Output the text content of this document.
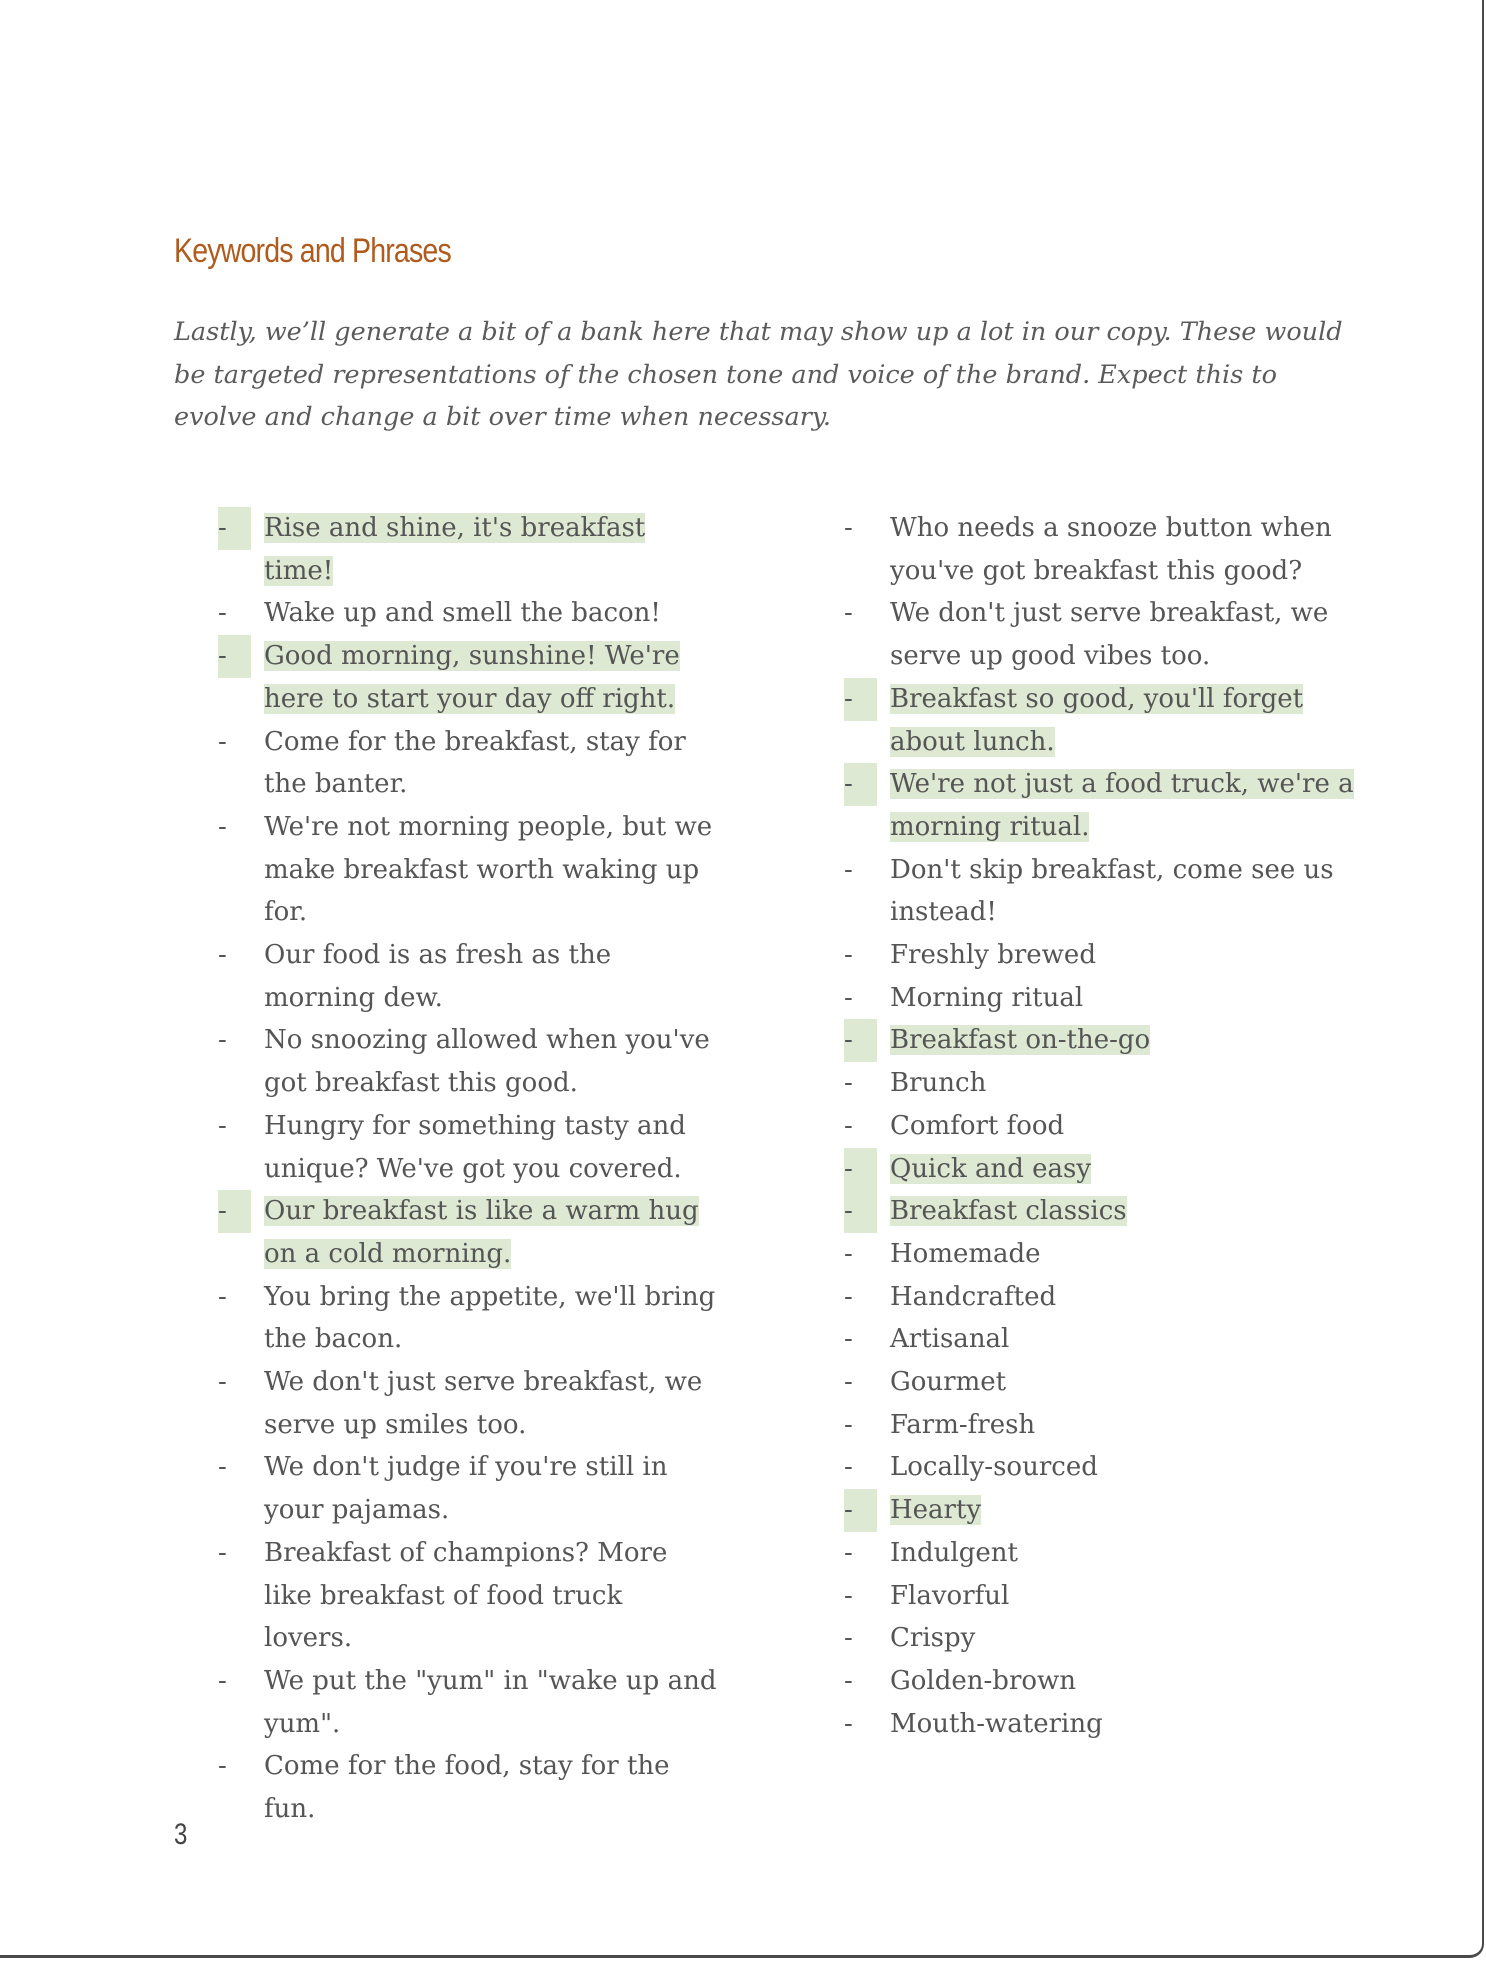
Keywords and Phrases

Lastly, we’ll generate a bit of a bank here that may show up a lot in our copy. These would be targeted representations of the chosen tone and voice of the brand. Expect this to evolve and change a bit over time when necessary.

-	Rise and shine, it's breakfast time!
- Wake up and smell the bacon!
-	Good morning, sunshine! We're here to start your day off right.
- Come for the breakfast, stay for the banter.
- We're not morning people, but we make breakfast worth waking up for.
- Our food is as fresh as the morning dew.
- No snoozing allowed when you've got breakfast this good.
- Hungry for something tasty and unique? We've got you covered.
-	Our breakfast is like a warm hug on a cold morning.
- You bring the appetite, we'll bring the bacon.
- We don't just serve breakfast, we serve up smiles too.
- We don't judge if you're still in your pajamas.
- Breakfast of champions? More like breakfast of food truck lovers.
- We put the "yum" in "wake up and yum".
- Come for the food, stay for the fun.
- Who needs a snooze button when you've got breakfast this good?
- We don't just serve breakfast, we serve up good vibes too.
-	Breakfast so good, you'll forget about lunch.
-	We're not just a food truck, we're a morning ritual.
- Don't skip breakfast, come see us instead!
- Freshly brewed
- Morning ritual
-	Breakfast on-the-go
- Brunch
- Comfort food
-	Quick and easy
-	Breakfast classics
- Homemade
- Handcrafted
- Artisanal
- Gourmet
- Farm-fresh
- Locally-sourced
-	Hearty
- Indulgent
- Flavorful
- Crispy
- Golden-brown
- Mouth-watering
3
